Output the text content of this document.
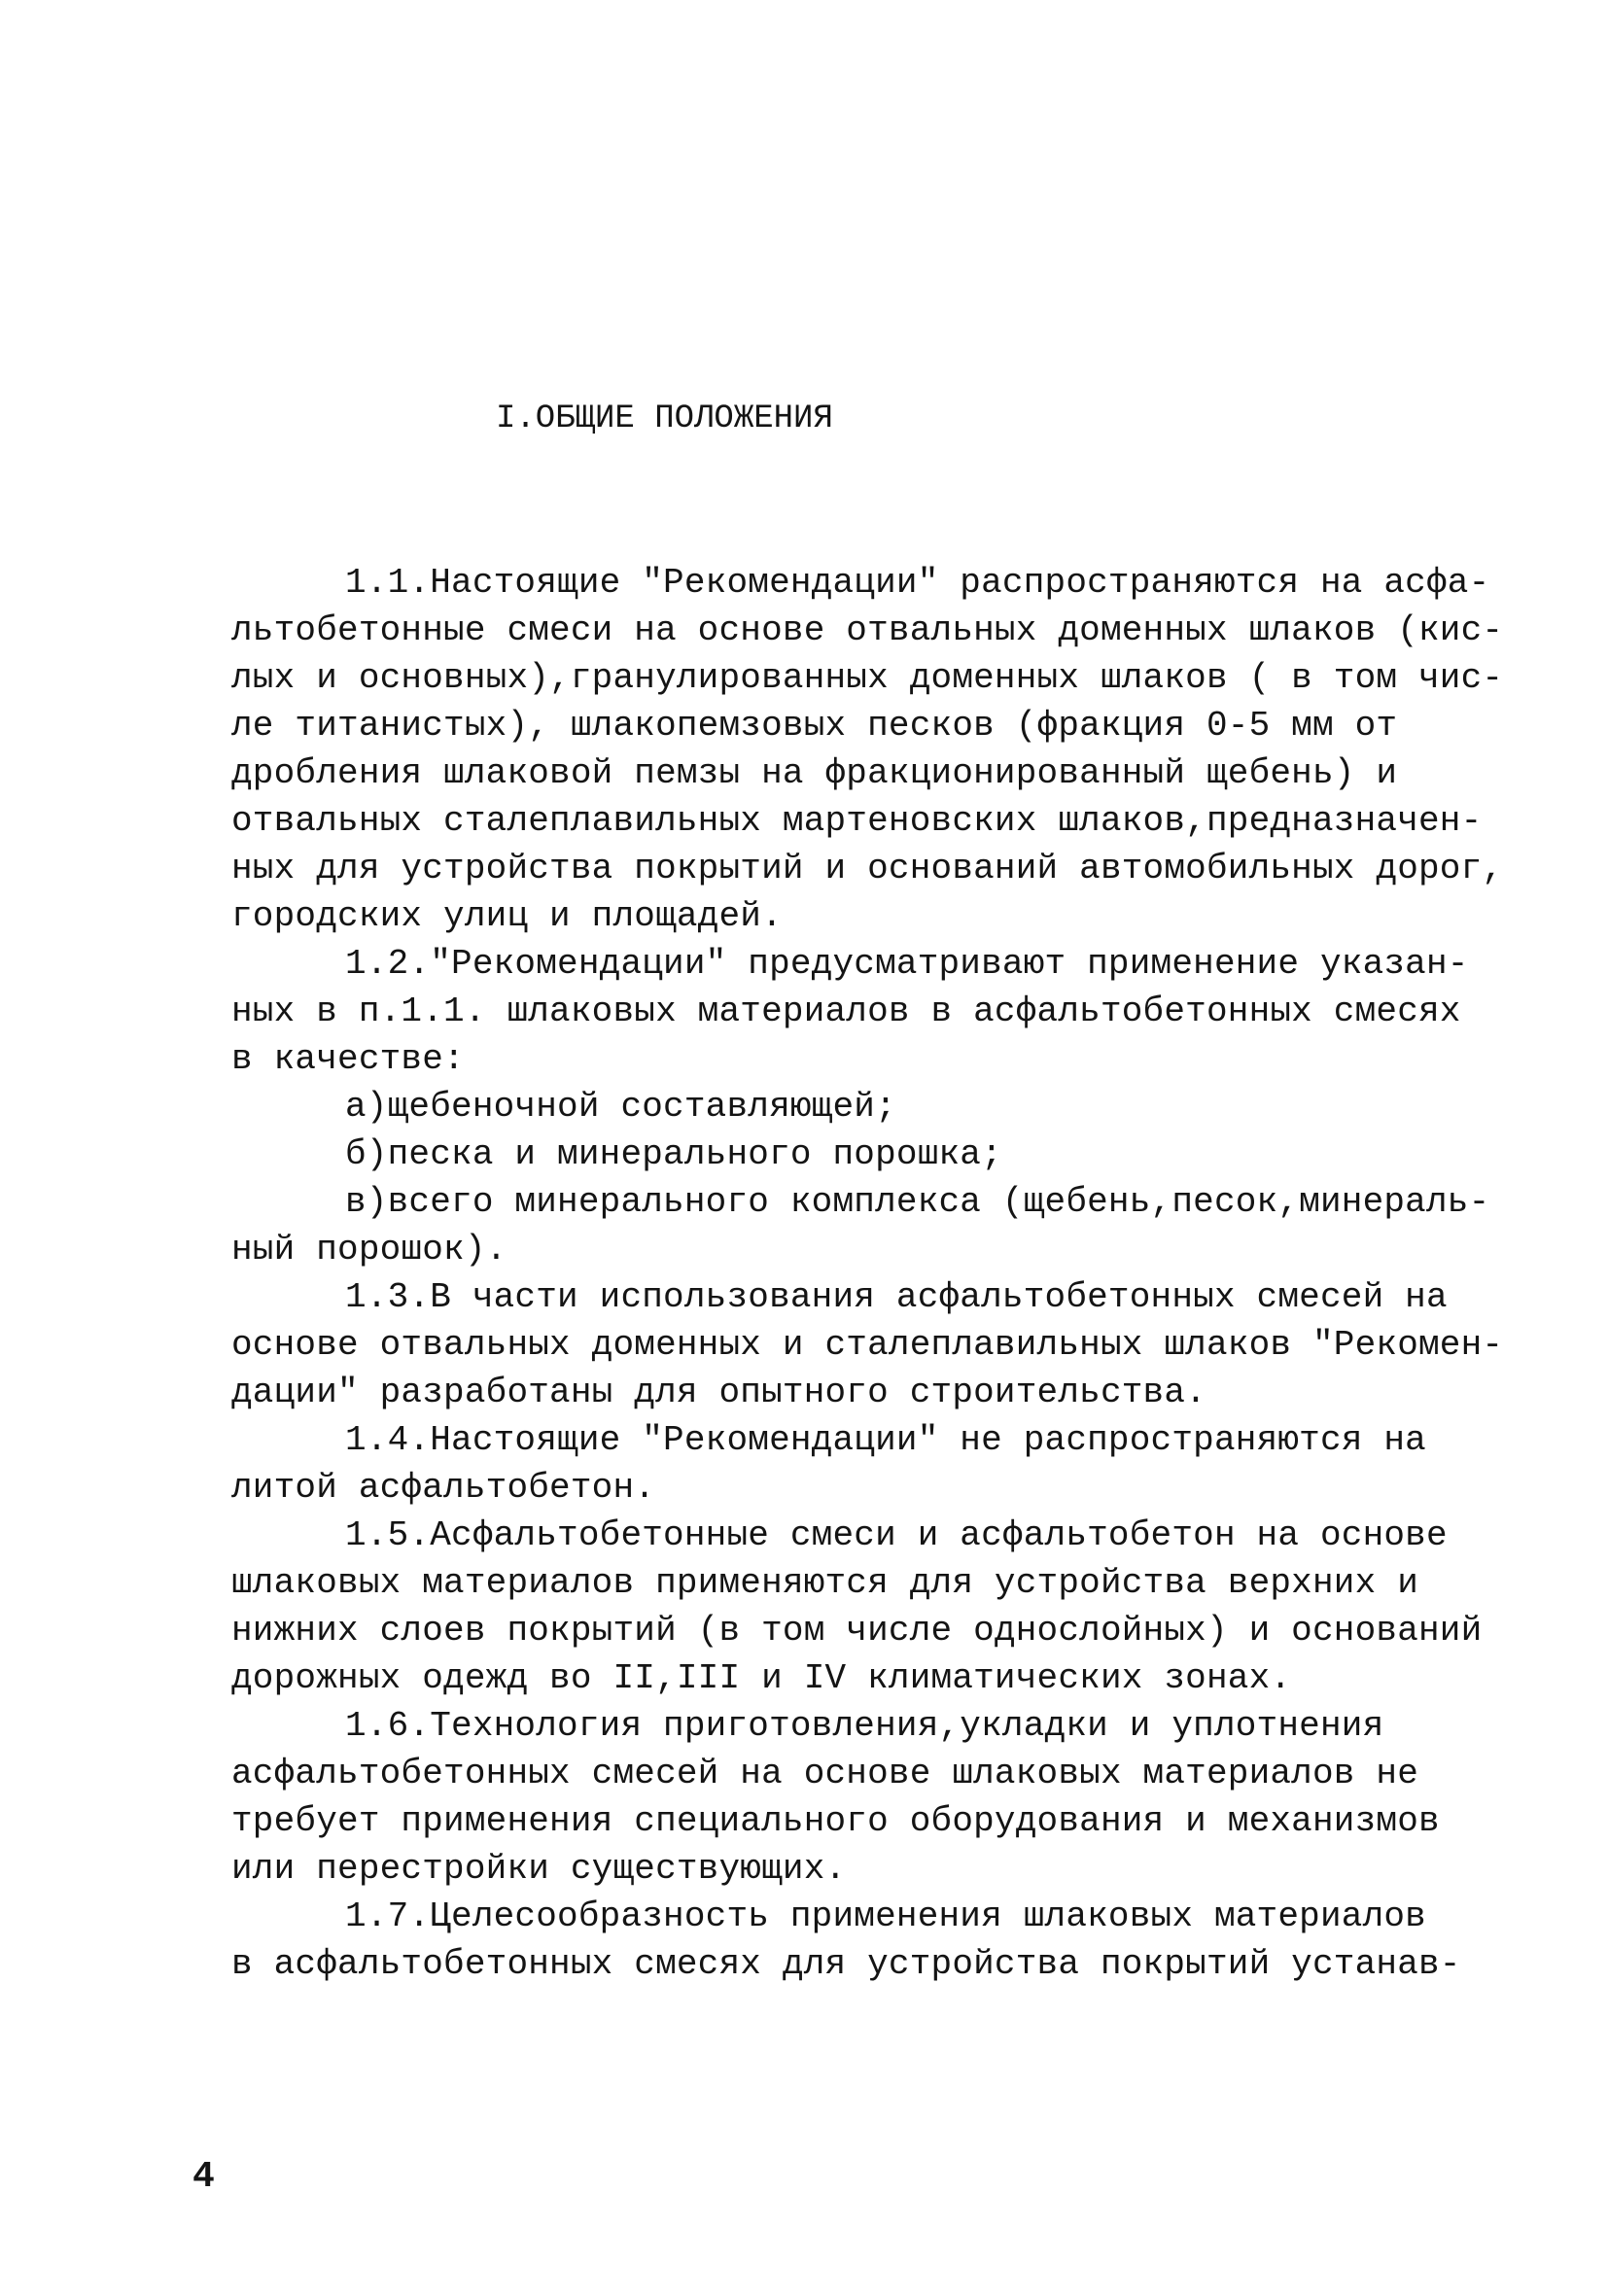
I.ОБЩИЕ ПОЛОЖЕНИЯ
1.1.Настоящие "Рекомендации" распространяются на асфа-
льтобетонные смеси на основе отвальных доменных шлаков (кис-
лых и основных),гранулированных доменных шлаков ( в том чис-
ле титанистых), шлакопемзовых песков (фракция 0-5 мм от
дробления шлаковой пемзы на фракционированный щебень) и
отвальных сталеплавильных мартеновских шлаков,предназначен-
ных для устройства покрытий и оснований автомобильных дорог,
городских улиц и площадей.
1.2."Рекомендации" предусматривают применение указан-
ных в п.1.1. шлаковых материалов в асфальтобетонных смесях
в качестве:
а)щебеночной составляющей;
б)песка и минерального порошка;
в)всего минерального комплекса (щебень,песок,минераль-
ный порошок).
1.3.В части использования асфальтобетонных смесей на
основе отвальных доменных и сталеплавильных шлаков "Рекомен-
дации" разработаны для опытного строительства.
1.4.Настоящие "Рекомендации" не распространяются на
литой асфальтобетон.
1.5.Асфальтобетонные смеси и асфальтобетон на основе
шлаковых материалов применяются для устройства верхних и
нижних слоев покрытий (в том числе однослойных) и оснований
дорожных одежд во II,III и IV климатических зонах.
1.6.Технология приготовления,укладки и уплотнения
асфальтобетонных смесей на основе шлаковых материалов не
требует применения специального оборудования и механизмов
или перестройки существующих.
1.7.Целесообразность применения шлаковых материалов
в асфальтобетонных смесях для устройства покрытий устанав-
4
